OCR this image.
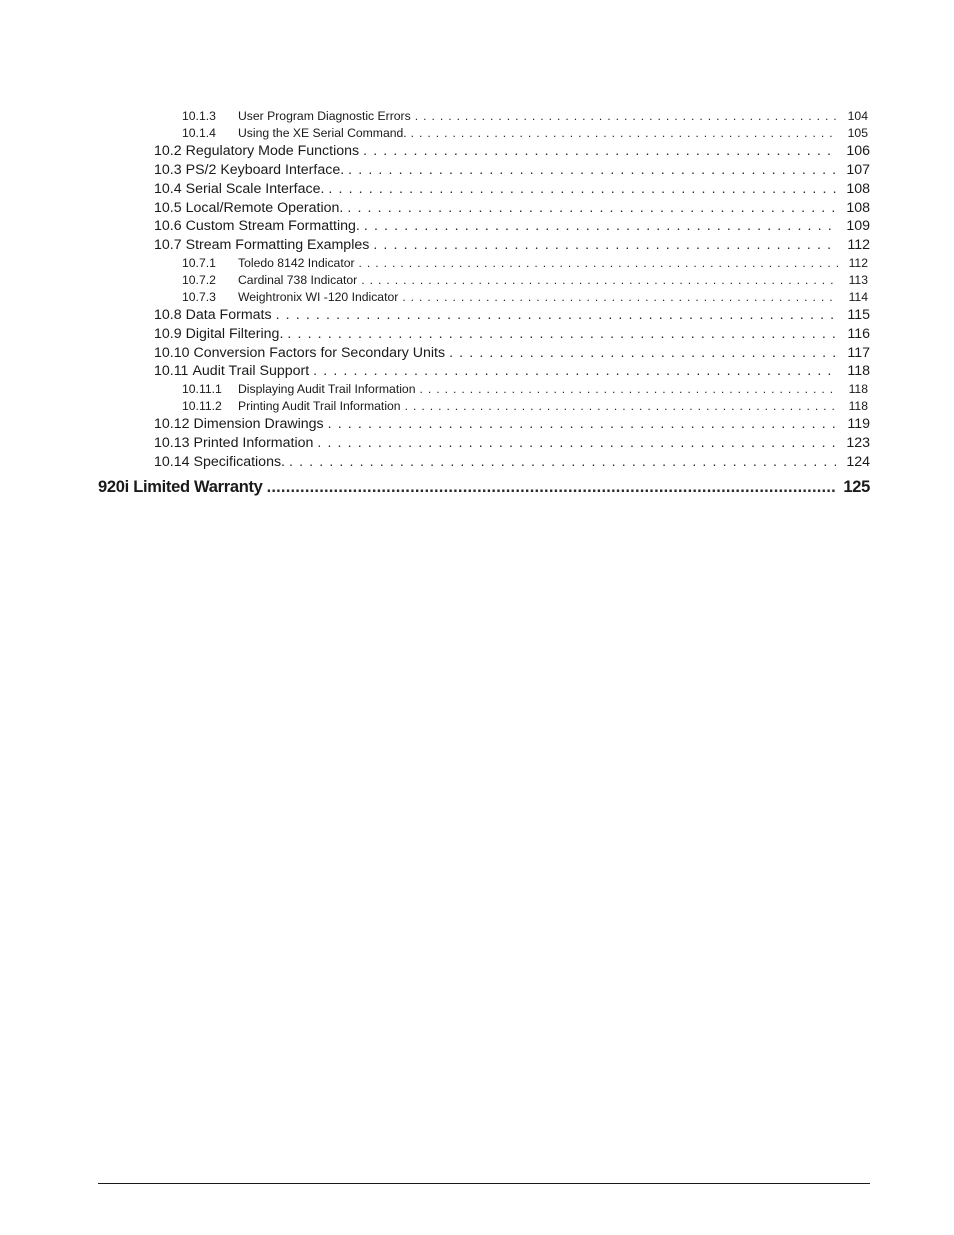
10.1.3	User Program Diagnostic Errors . . .	104
10.1.4	Using the XE Serial Command. . . .	105
10.2 Regulatory Mode Functions . . .	106
10.3 PS/2 Keyboard Interface. . . .	107
10.4 Serial Scale Interface. . . .	108
10.5 Local/Remote Operation. . . .	108
10.6 Custom Stream Formatting. . . .	109
10.7 Stream Formatting Examples . . .	112
10.7.1	Toledo 8142 Indicator . . .	112
10.7.2	Cardinal 738 Indicator . . .	113
10.7.3	Weightronix WI -120 Indicator . . .	114
10.8 Data Formats . . .	115
10.9 Digital Filtering. . . .	116
10.10 Conversion Factors for Secondary Units . . .	117
10.11 Audit Trail Support . . .	118
10.11.1	Displaying Audit Trail Information . . .	118
10.11.2	Printing Audit Trail Information . . .	118
10.12 Dimension Drawings . . .	119
10.13 Printed Information . . .	123
10.14 Specifications. . . .	124
920i Limited Warranty .....	125
